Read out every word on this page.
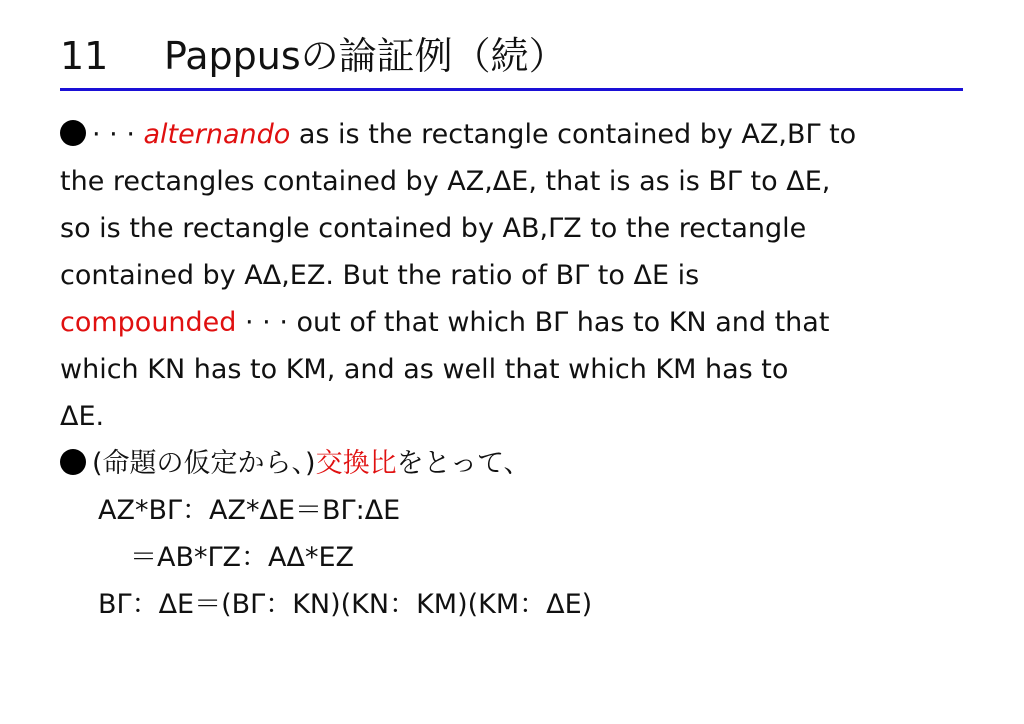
11 Pappusの論証例（続）
· · · alternando as is the rectangle contained by AZ,BΓ to
the rectangles contained by AZ,ΔE, that is as is BΓ to ΔE,
so is the rectangle contained by AB,ΓZ to the rectangle
contained by AΔ,EZ. But the ratio of BΓ to ΔE is
compounded · · · out of that which BΓ has to KN and that
which KN has to KM, and as well that which KM has to
ΔE.
(命題の仮定から、)交換比をとって、
AZ*BΓ：AZ*ΔE＝BΓ:ΔE
＝AB*ΓZ：AΔ*EZ
BΓ：ΔE＝(BΓ：KN)(KN：KM)(KM：ΔE)
